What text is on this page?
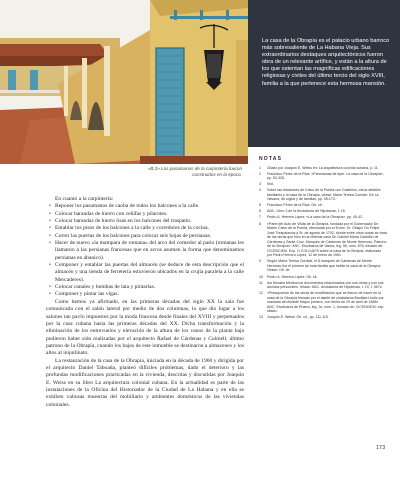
«B.3» Los pasamanos de la carpintería fueron construidos en la época.
La casa de la Obrapía es el palacio urbano barroco más sobresaliente de La Habana Vieja. Sus extraordinarios destaques arquitectónicos fueron obra de un relevante artífice, y están a la altura de los que ostentan las magníficas edificaciones religiosas y civiles del último tercio del siglo XVIII, familia a la que pertenece esta hermosa mansión.

En cuanto a la carpintería:

• Reponer los pasamanos de caoba de todos los balcones a la calle.
• Colocar barandas de hierro con ceñifas y pilarotes.
• Colocar barandas de hierro lisas en los balcones del traspatio.
• Entablar los pisos de los balcones a la calle y corredores de la cocina.
• Correr las puertas de los balcones para colocar seis hojas de persianas.
• Hacer de nuevo «la mampara de romana» del arco del comedor al patio (romanas les llamaron a las persianas francesas que en arcos asumen la forma que denominamos persianas en abanico).
• Componer y entablar las puertas del almacén (se deduce de esta descripción que el almacén y una tienda de ferretería estuvieron ubicados en la crujía paralela a la calle Mercaderes).
• Colocar canales y bombas de lata y pintarlas.
• Componer y pintar las vigas.

Como hemos ya afirmado, en las primeras décadas del siglo XX la sala fue comunicada con el salón lateral por medio de dos columnas, lo que dio lugar a los salones tan pavlo impuestos por la moda francesa desde finales del XVIII y perpetuados por la casa cubana hasta las primeras décadas del XX. Dicha transformación y la eliminación de los entrevuelos y elevación de la altura de los vanos de la planta baja pudieron haber sido realizadas por el arquitecto Rafael de Cárdenas y Culmell, último patrono de la Obrapía, cuando los bajos de este inmueble se destinaron a almacenes y los altos al inquilinato.

La restauración de la casa de la Obrapía, iniciada en la década de 1960 y dirigida por el arquitecto Daniel Taboada, planteó difíciles problemas, dado el deterioro y las profundas modificaciones practicadas en la vivienda, descritas y discutidas por Joaquín E. Weiss en su libro La arquitectura colonial cubana. En la actualidad es parte de las instalaciones de la Oficina del Historiador de la Ciudad de La Habana y en ella se exhiben valiosas muestras del mobiliario y ambientes domésticos de las viviendas coloniales.

NOTAS
1 Citado por Joaquín E. Weiss en: La arquitectura colonial cubana, p. 11.
2 Francisco Pérez de la Riva: «Panoramas de ayer. La casa de la Obrapía», pp. 53-328.
3 Ibid.
4 Sobre las relaciones de Calvo de la Puerta con Castellón, cerca detalles familiares y la casa de la Obrapía, véase: María Teresa Cornide: De La Havana, de siglos y de familias, pp. 95-173.
5 Francisco Pérez de la Riva: Ob. cit.
6 ANC. Libro 3 de la Anotaduría de Hipotecas, f. 15.
7 Pedro A. Herrera López: «La casa de la Obrapía», pp. 40-42.
8 «Parte del Auto de Visita de la Obrapía, fundada por el Gobernador Dn Martín Calvo de la Puerta, efectuada por el Exmo. Sr. Obispo Dn Felipe José Trespalacios y Sr. de agosto de 1792, donde entre otros cosas se trata de las obras que hizo en la referida casa Dn Gabriel María Castillón de Cárdenas y Santa Cruz, Marqués de Cárdenas de Monte Hermoso, Patrono de la Obrapía». ANC. Escribanía de Varios, leg. 55, núm. 876, tomado de: CICENCIEM. Exp. O.O.N./14079 sobre la casa de la Obrapía, elaborado por Pedro Herrera López, 12 de enero de 1961.
9 Según María Teresa Cornide, el 8 marqués de Cárdenas de Monte Hermoso fue el primero de esta familia que habitó la casa de la Obrapía. Véase: Ob. cit.
10 Pedro A. Herrera López: Ob. cit.
11 Así firmaba Medina los documentos relacionados con sus obras y con sus asuntos personales. Véase: ANC. Anotaduría de Hipotecas, t. 19, f. 3674.
12 «Presupuesto de las obras de modificación que se fueron de hacer en la casa de la Obrapía firmado por el alarife de ciudadanía Bautista Lindiz por mandato del Alcalde Mayor primero, con fecha de 29 de abril de 1858». ANC. Escribanía de Ebarro, leg. 3x, núm. 1, tomado de: CICENCIEM, exp. citado.
13 Joaquín E. Weiss: Ob. cit., pp. 111-115.
173
